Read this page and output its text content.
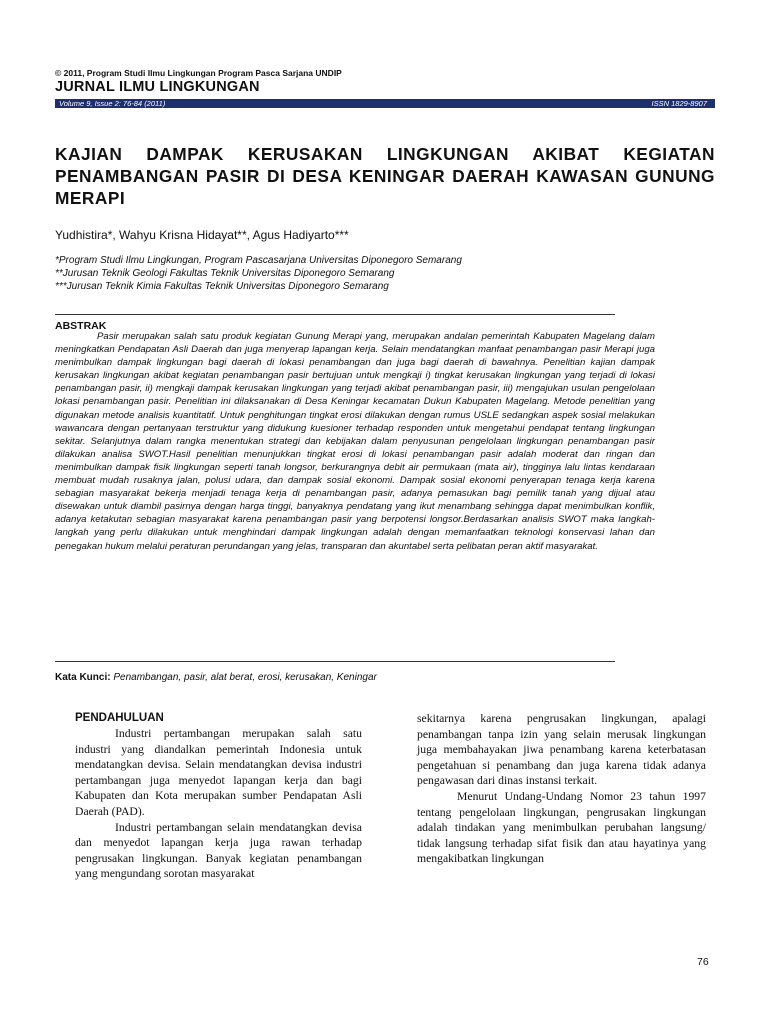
© 2011, Program Studi Ilmu Lingkungan Program Pasca Sarjana UNDIP
JURNAL ILMU LINGKUNGAN
Volume 9, Issue 2: 76-84 (2011)	ISSN 1829-8907
KAJIAN DAMPAK KERUSAKAN LINGKUNGAN AKIBAT KEGIATAN PENAMBANGAN PASIR DI DESA KENINGAR DAERAH KAWASAN GUNUNG MERAPI
Yudhistira*, Wahyu Krisna Hidayat**, Agus Hadiyarto***
*Program Studi Ilmu Lingkungan, Program Pascasarjana Universitas Diponegoro Semarang
**Jurusan Teknik Geologi Fakultas Teknik Universitas Diponegoro Semarang
***Jurusan Teknik Kimia Fakultas Teknik Universitas Diponegoro Semarang
ABSTRAK
Pasir merupakan salah satu produk kegiatan Gunung Merapi yang, merupakan andalan pemerintah Kabupaten Magelang dalam meningkatkan Pendapatan Asli Daerah dan juga menyerap lapangan kerja. Selain mendatangkan manfaat penambangan pasir Merapi juga menimbulkan dampak lingkungan bagi daerah di lokasi penambangan dan juga bagi daerah di bawahnya. Penelitian kajian dampak kerusakan lingkungan akibat kegiatan penambangan pasir bertujuan untuk mengkaji i) tingkat kerusakan lingkungan yang terjadi di lokasi penambangan pasir, ii) mengkaji dampak kerusakan lingkungan yang terjadi akibat penambangan pasir, iii) mengajukan usulan pengelolaan lokasi penambangan pasir. Penelitian ini dilaksanakan di Desa Keningar kecamatan Dukun Kabupaten Magelang. Metode penelitian yang digunakan metode analisis kuantitatif. Untuk penghitungan tingkat erosi dilakukan dengan rumus USLE sedangkan aspek sosial melakukan wawancara dengan pertanyaan terstruktur yang didukung kuesioner terhadap responden untuk mengetahui pendapat tentang lingkungan sekitar. Selanjutnya dalam rangka menentukan strategi dan kebijakan dalam penyusunan pengelolaan lingkungan penambangan pasir dilakukan analisa SWOT.Hasil penelitian menunjukkan tingkat erosi di lokasi penambangan pasir adalah moderat dan ringan dan menimbulkan dampak fisik lingkungan seperti tanah longsor, berkurangnya debit air permukaan (mata air), tingginya lalu lintas kendaraan membuat mudah rusaknya jalan, polusi udara, dan dampak sosial ekonomi. Dampak sosial ekonomi penyerapan tenaga kerja karena sebagian masyarakat bekerja menjadi tenaga kerja di penambangan pasir, adanya pemasukan bagi pemilik tanah yang dijual atau disewakan untuk diambil pasirnya dengan harga tinggi, banyaknya pendatang yang ikut menambang sehingga dapat menimbulkan konflik, adanya ketakutan sebagian masyarakat karena penambangan pasir yang berpotensi longsor.Berdasarkan analisis SWOT maka langkah-langkah yang perlu dilakukan untuk menghindari dampak lingkungan adalah dengan memanfaatkan teknologi konservasi lahan dan penegakan hukum melalui peraturan perundangan yang jelas, transparan dan akuntabel serta pelibatan peran aktif masyarakat.
Kata Kunci: Penambangan, pasir, alat berat, erosi, kerusakan, Keningar
PENDAHULUAN

Industri pertambangan merupakan salah satu industri yang diandalkan pemerintah Indonesia untuk mendatangkan devisa. Selain mendatangkan devisa industri pertambangan juga menyedot lapangan kerja dan bagi Kabupaten dan Kota merupakan sumber Pendapatan Asli Daerah (PAD).

Industri pertambangan selain mendatangkan devisa dan menyedot lapangan kerja juga rawan terhadap pengrusakan lingkungan. Banyak kegiatan penambangan yang mengundang sorotan masyarakat

sekitarnya karena pengrusakan lingkungan, apalagi penambangan tanpa izin yang selain merusak lingkungan juga membahayakan jiwa penambang karena keterbatasan pengetahuan si penambang dan juga karena tidak adanya pengawasan dari dinas instansi terkait.

Menurut Undang-Undang Nomor 23 tahun 1997 tentang pengelolaan lingkungan, pengrusakan lingkungan adalah tindakan yang menimbulkan perubahan langsung/ tidak langsung terhadap sifat fisik dan atau hayatinya yang mengakibatkan lingkungan

76
